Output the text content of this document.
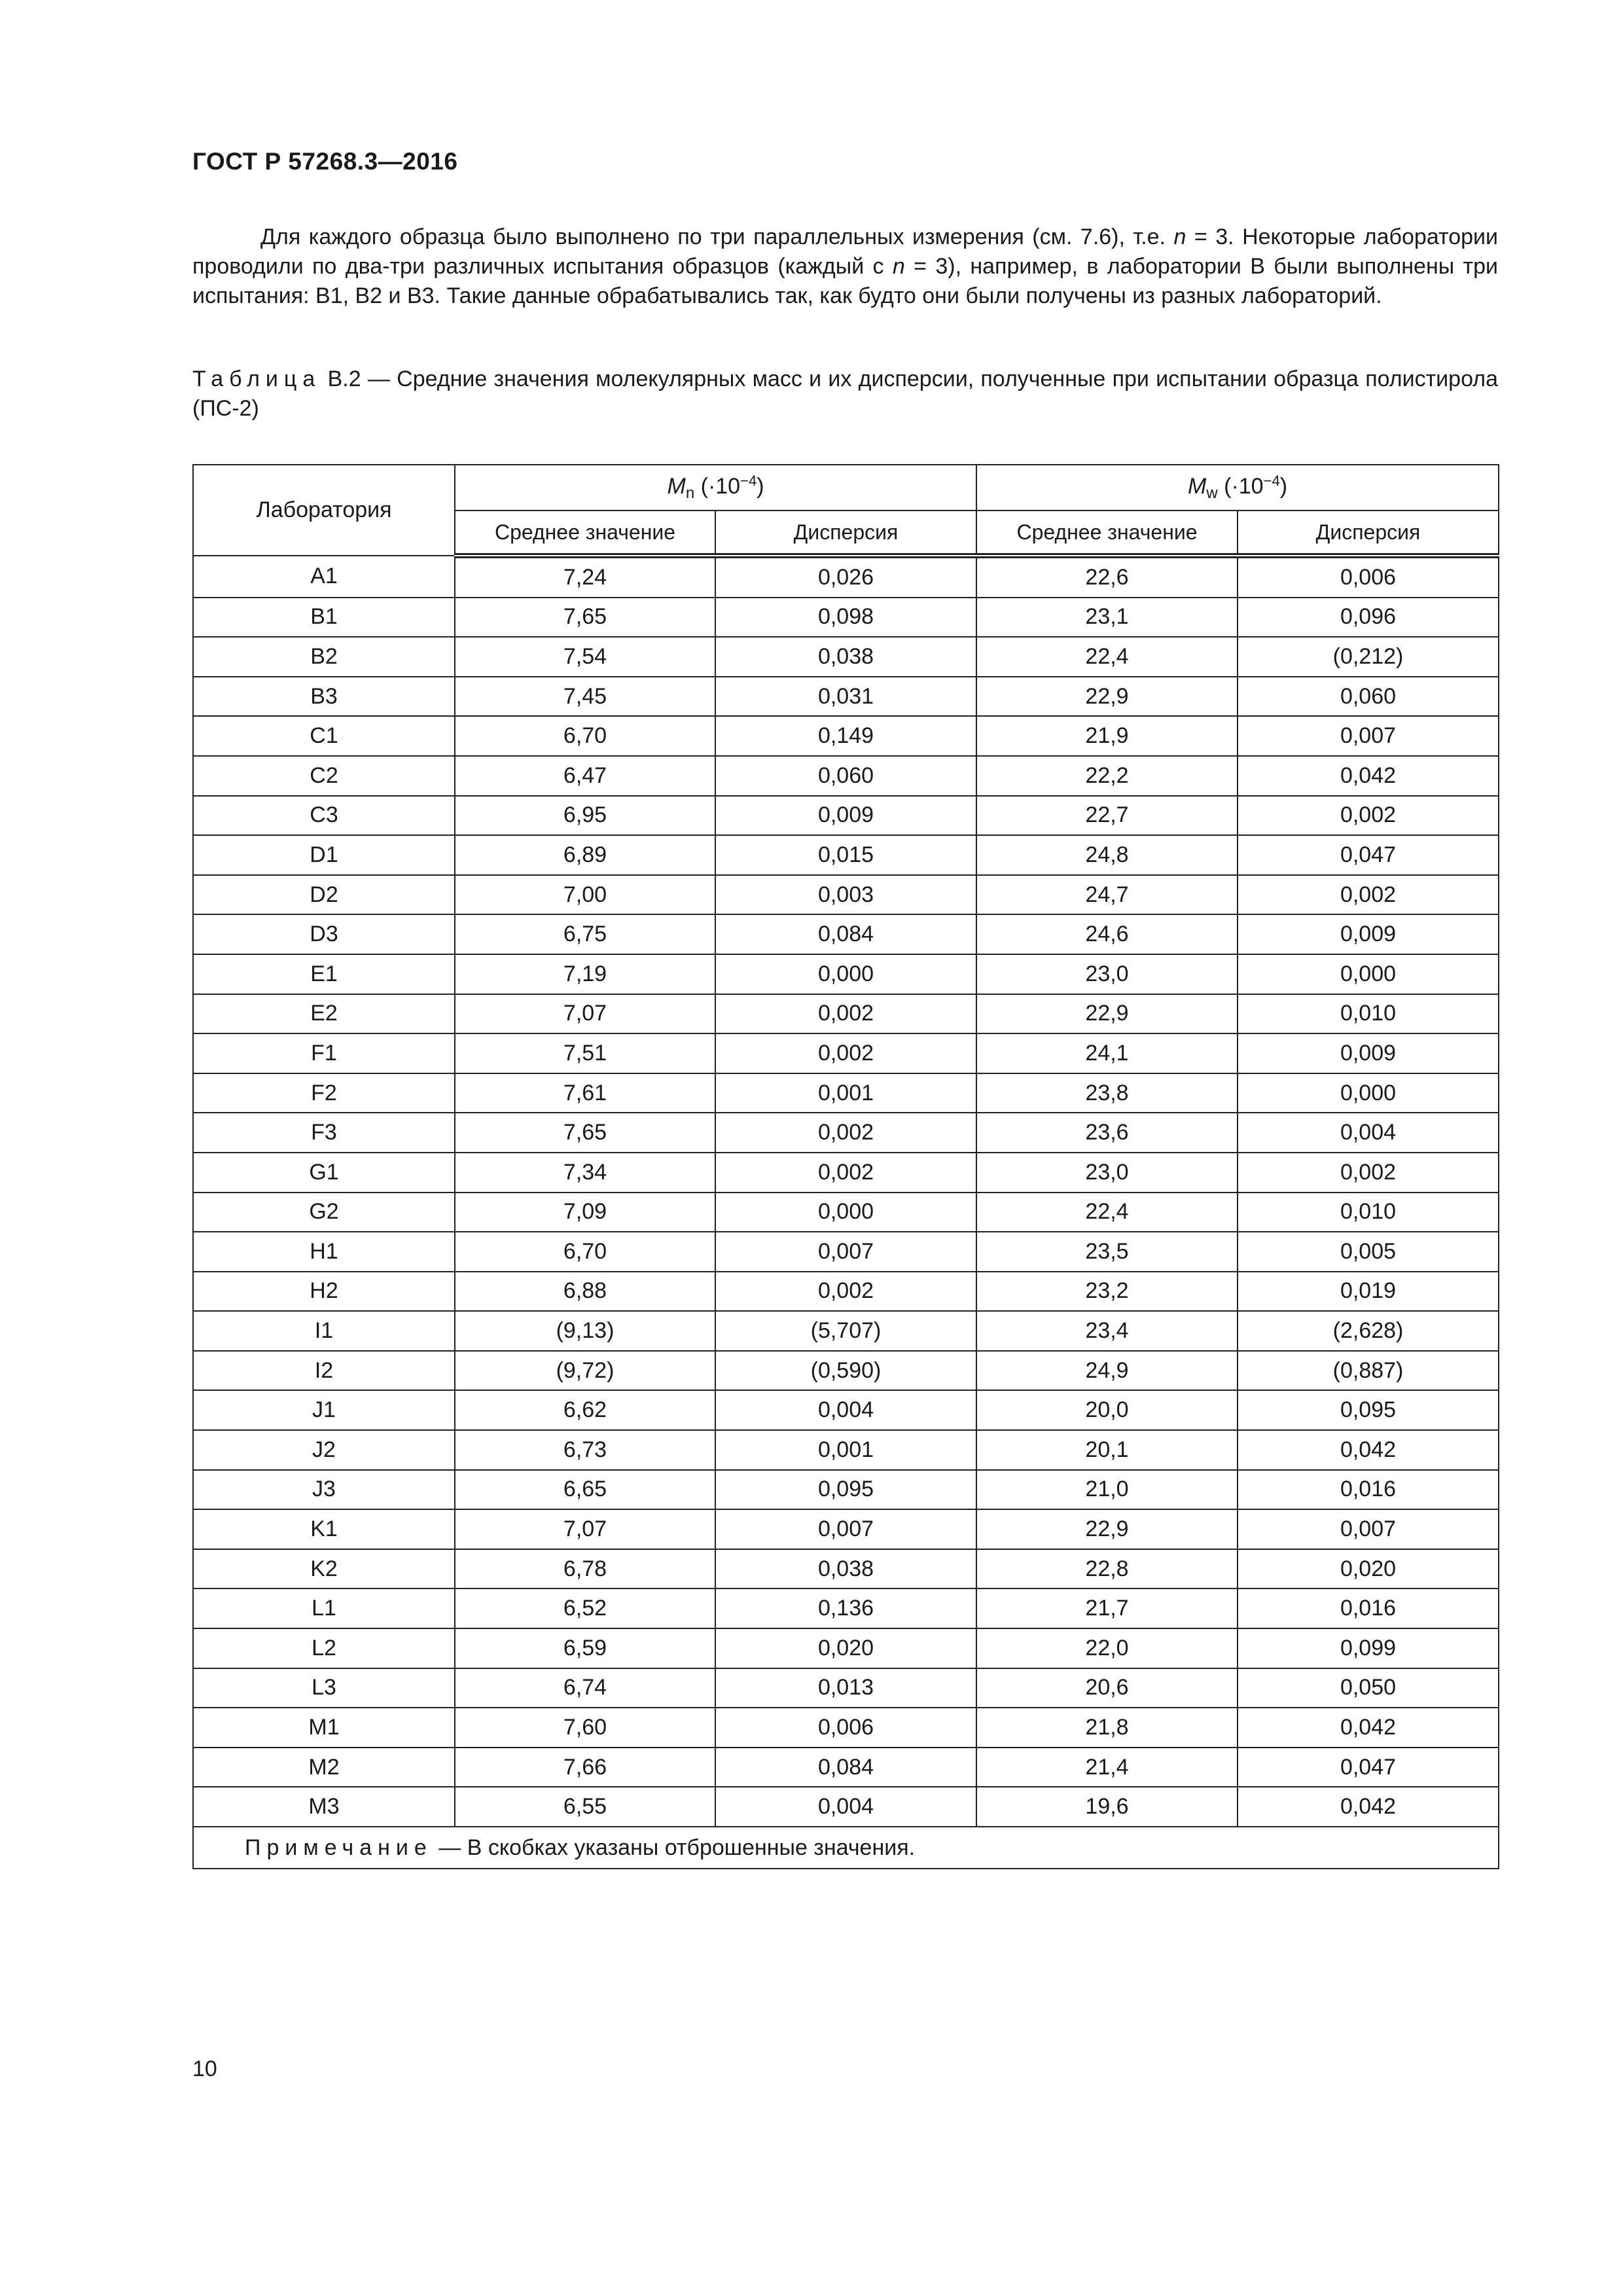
ГОСТ Р 57268.3—2016

Для каждого образца было выполнено по три параллельных измерения (см. 7.6), т.е. n = 3. Некоторые лаборатории проводили по два-три различных испытания образцов (каждый с n = 3), например, в лаборатории B были выполнены три испытания: B1, B2 и B3. Такие данные обрабатывались так, как будто они были получены из разных лабораторий.

Таблица B.2 — Средние значения молекулярных масс и их дисперсии, полученные при испытании образца полистирола (ПС-2)

Лаборатория	$M_n$ $(\cdot 10^{-4})$		$M_w$ $(\cdot 10^{-4})$	
	Среднее значение	Дисперсия	Среднее значение	Дисперсия
A1	7,24	0,026	22,6	0,006
B1	7,65	0,098	23,1	0,096
B2	7,54	0,038	22,4	(0,212)
B3	7,45	0,031	22,9	0,060
C1	6,70	0,149	21,9	0,007
C2	6,47	0,060	22,2	0,042
C3	6,95	0,009	22,7	0,002
D1	6,89	0,015	24,8	0,047
D2	7,00	0,003	24,7	0,002
D3	6,75	0,084	24,6	0,009
E1	7,19	0,000	23,0	0,000
E2	7,07	0,002	22,9	0,010
F1	7,51	0,002	24,1	0,009
F2	7,61	0,001	23,8	0,000
F3	7,65	0,002	23,6	0,004
G1	7,34	0,002	23,0	0,002
G2	7,09	0,000	22,4	0,010
H1	6,70	0,007	23,5	0,005
H2	6,88	0,002	23,2	0,019
I1	(9,13)	(5,707)	23,4	(2,628)
I2	(9,72)	(0,590)	24,9	(0,887)
J1	6,62	0,004	20,0	0,095
J2	6,73	0,001	20,1	0,042
J3	6,65	0,095	21,0	0,016
K1	7,07	0,007	22,9	0,007
K2	6,78	0,038	22,8	0,020
L1	6,52	0,136	21,7	0,016
L2	6,59	0,020	22,0	0,099
L3	6,74	0,013	20,6	0,050
M1	7,60	0,006	21,8	0,042
M2	7,66	0,084	21,4	0,047
M3	6,55	0,004	19,6	0,042
Примечание — В скобках указаны отброшенные значения.				
10
